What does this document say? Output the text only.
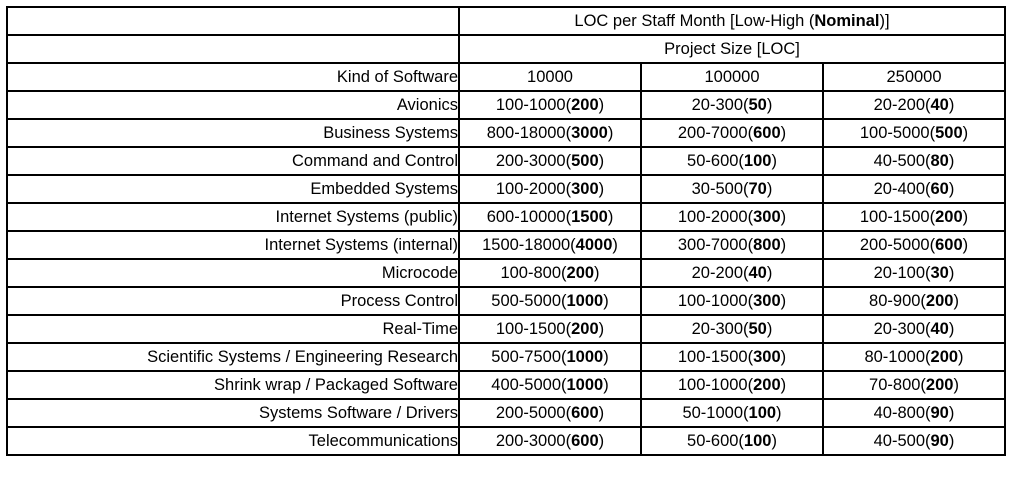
	LOC per Staff Month [Low-High (Nominal)]		
	Project Size [LOC]		
Kind of Software	10000	100000	250000
Avionics	100-1000(200)	20-300(50)	20-200(40)
Business Systems	800-18000(3000)	200-7000(600)	100-5000(500)
Command and Control	200-3000(500)	50-600(100)	40-500(80)
Embedded Systems	100-2000(300)	30-500(70)	20-400(60)
Internet Systems (public)	600-10000(1500)	100-2000(300)	100-1500(200)
Internet Systems (internal)	1500-18000(4000)	300-7000(800)	200-5000(600)
Microcode	100-800(200)	20-200(40)	20-100(30)
Process Control	500-5000(1000)	100-1000(300)	80-900(200)
Real-Time	100-1500(200)	20-300(50)	20-300(40)
Scientific Systems / Engineering Research	500-7500(1000)	100-1500(300)	80-1000(200)
Shrink wrap / Packaged Software	400-5000(1000)	100-1000(200)	70-800(200)
Systems Software / Drivers	200-5000(600)	50-1000(100)	40-800(90)
Telecommunications	200-3000(600)	50-600(100)	40-500(90)
